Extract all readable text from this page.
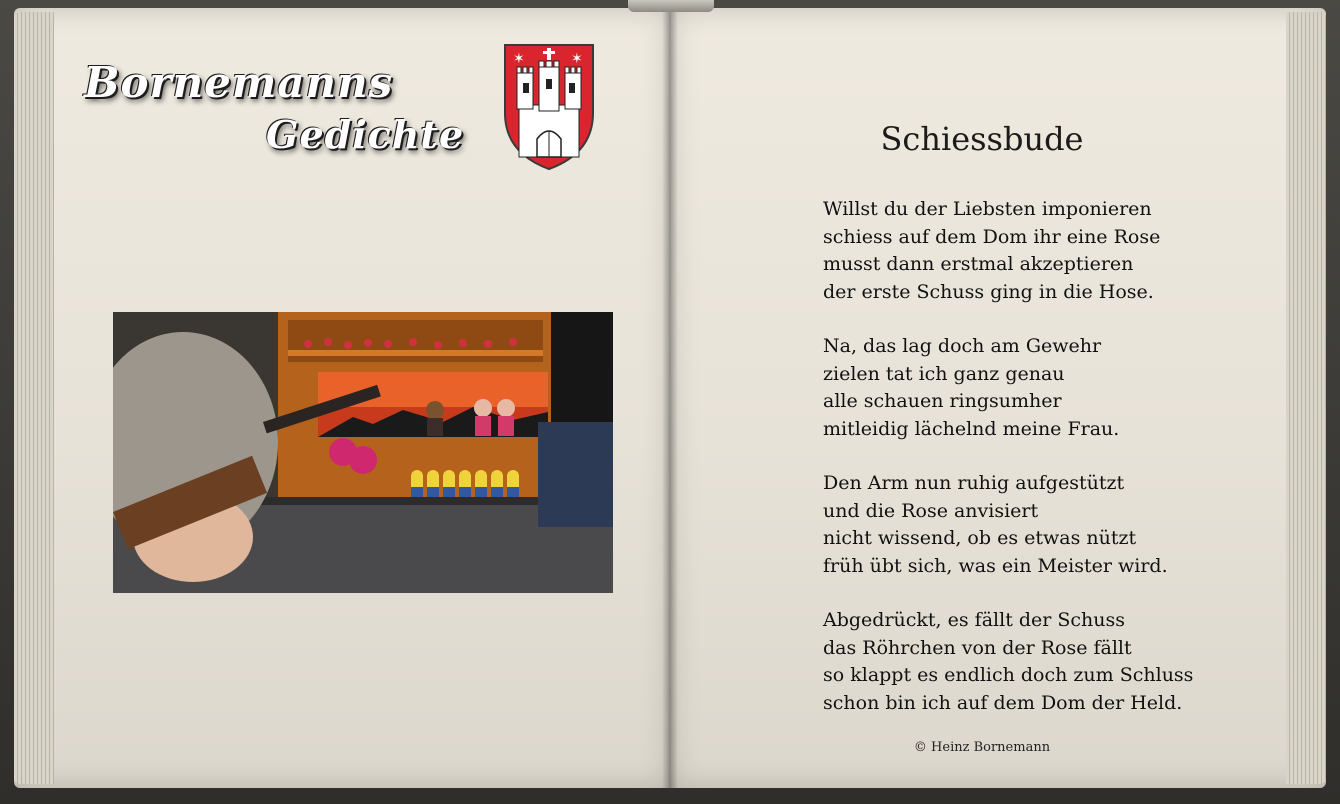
Bornemanns
Gedichte
✶	✶
Schiessbude
Willst du der Liebsten imponieren
schiess auf dem Dom ihr eine Rose
musst dann erstmal akzeptieren
der erste Schuss ging in die Hose.
Na, das lag doch am Gewehr
zielen tat ich ganz genau
alle schauen ringsumher
mitleidig lächelnd meine Frau.
Den Arm nun ruhig aufgestützt
und die Rose anvisiert
nicht wissend, ob es etwas nützt
früh übt sich, was ein Meister wird.
Abgedrückt, es fällt der Schuss
das Röhrchen von der Rose fällt
so klappt es endlich doch zum Schluss
schon bin ich auf dem Dom der Held.
© Heinz Bornemann
